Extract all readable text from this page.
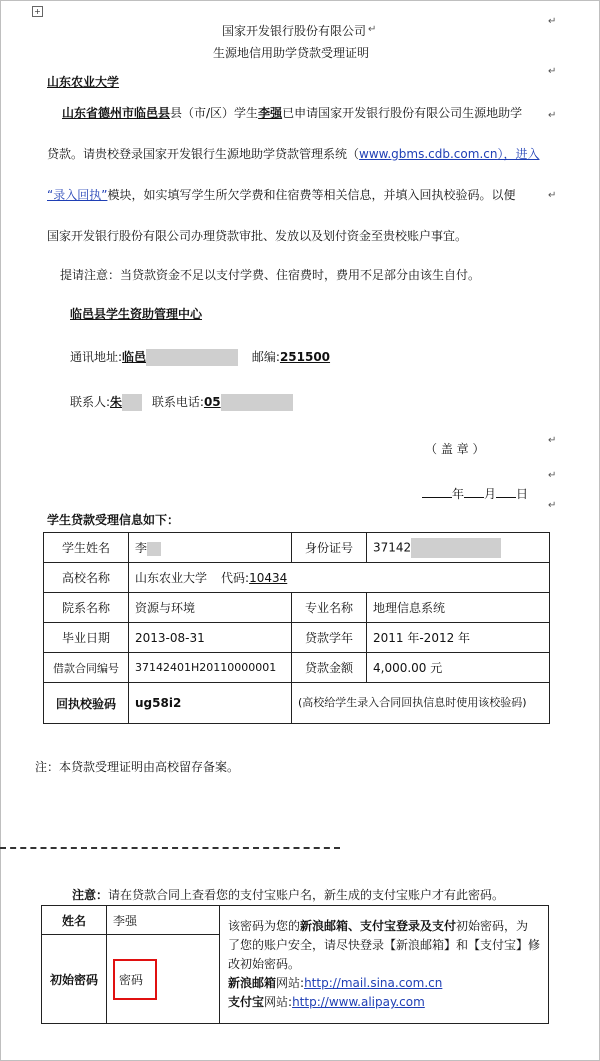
+
国家开发银行股份有限公司
生源地信用助学贷款受理证明
山东农业大学
山东省德州市临邑县县（市/区）学生李强已申请国家开发银行股份有限公司生源地助学
贷款。请贵校登录国家开发银行生源地助学贷款管理系统（www.gbms.cdb.com.cn），进入
“录入回执”模块，如实填写学生所欠学费和住宿费等相关信息，并填入回执校验码。以便
国家开发银行股份有限公司办理贷款审批、发放以及划付资金至贵校账户事宜。
提请注意：当贷款资金不足以支付学费、住宿费时，费用不足部分由该生自付。
临邑县学生资助管理中心
通讯地址:临邑	邮编:251500
联系人:朱 联系电话:05
（ 盖 章 ）
年 月 日
学生贷款受理信息如下：
学生姓名	李	身份证号	37142
高校名称	山东农业大学 代码:10434		
院系名称	资源与环境	专业名称	地理信息系统
毕业日期	2013-08-31	贷款学年	2011 年-2012 年
借款合同编号	37142401H20110000001	贷款金额	4,000.00 元
回执校验码	ug58i2	(高校给学生录入合同回执信息时使用该校验码)	
注：本贷款受理证明由高校留存备案。
注意：请在贷款合同上查看您的支付宝账户名，新生成的支付宝账户才有此密码。
姓名	李强	该密码为您的新浪邮箱、支付宝登录及支付初始密码，为了您的账户安全，请尽快登录【新浪邮箱】和【支付宝】修改初始密码。
新浪邮箱网站:http://mail.sina.com.cn
支付宝网站:http://www.alipay.com
初始密码	密码	
↵
↵
↵
↵
↵
↵
↵
↵
